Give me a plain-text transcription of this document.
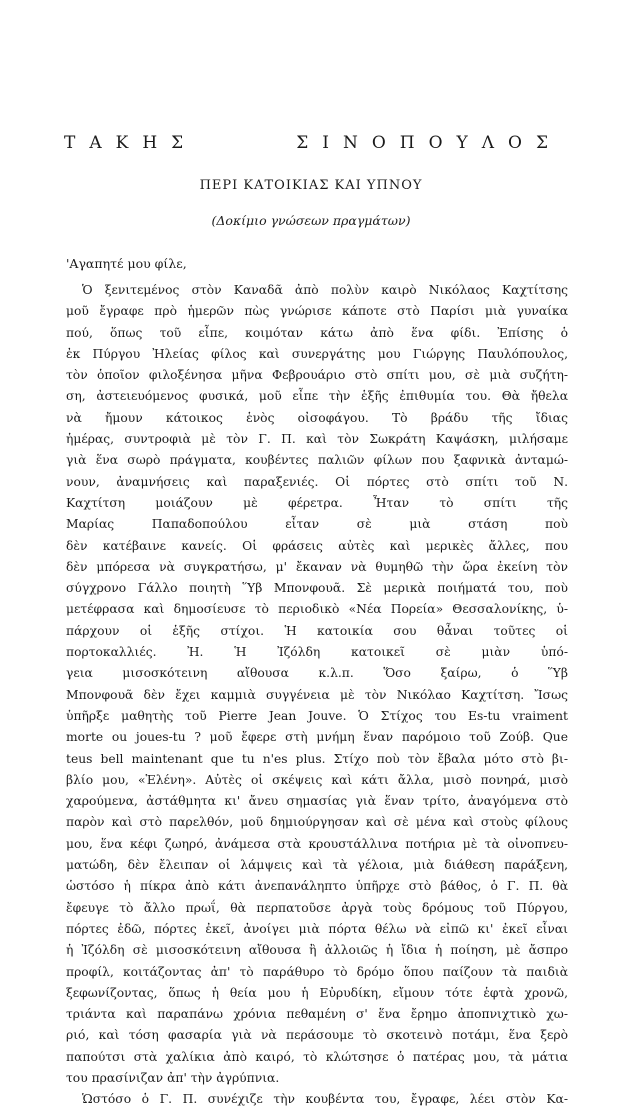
ΤΑΚΗΣ	ΣΙΝΟΠΟΥΛΟΣ
ΠΕΡΙ ΚΑΤΟΙΚΙΑΣ ΚΑΙ ΥΠΝΟΥ
(Δοκίμιο γνώσεων πραγμάτων)
'Αγαπητέ μου φίλε,
Ὁ ξενιτεμένος στὸν Καναδᾶ ἀπὸ πολὺν καιρὸ Νικόλαος Καχτίτσης
μοῦ ἔγραφε πρὸ ἡμερῶν πὼς γνώρισε κάποτε στὸ Παρίσι μιὰ γυναίκα
πού, ὅπως τοῦ εἶπε, κοιμόταν κάτω ἀπὸ ἕνα φίδι. Ἐπίσης ὁ
ἐκ Πύργου Ἠλείας φίλος καὶ συνεργάτης μου Γιώργης Παυλόπουλος,
τὸν ὁποῖον φιλοξένησα μῆνα Φεβρουάριο στὸ σπίτι μου, σὲ μιὰ συζήτη-
ση, ἀστειευόμενος φυσικά, μοῦ εἶπε τὴν ἑξῆς ἐπιθυμία του. Θὰ ἤθελα
νὰ ἤμουν κάτοικος ἑνὸς οἰσοφάγου. Τὸ βράδυ τῆς ἴδιας
ἡμέρας, συντροφιὰ μὲ τὸν Γ. Π. καὶ τὸν Σωκράτη Καψάσκη, μιλήσαμε
γιὰ ἕνα σωρὸ πράγματα, κουβέντες παλιῶν φίλων που ξαφνικὰ ἀνταμώ-
νουν, ἀναμνήσεις καὶ παραξενιές. Οἱ πόρτες στὸ σπίτι τοῦ Ν.
Καχτίτση μοιάζουν μὲ φέρετρα. Ἦταν τὸ σπίτι τῆς
Μαρίας Παπαδοπούλου εἶταν σὲ μιὰ στάση ποὺ
δὲν κατέβαινε κανείς. Οἱ φράσεις αὐτὲς καὶ μερικὲς ἄλλες, που
δὲν μπόρεσα νὰ συγκρατήσω, μ' ἔκαναν νὰ θυμηθῶ τὴν ὥρα ἐκείνη τὸν
σύγχρονο Γάλλο ποιητὴ Ὕβ Μπονφουᾶ. Σὲ μερικὰ ποιήματά του, ποὺ
μετέφρασα καὶ δημοσίευσε τὸ περιοδικὸ «Νέα Πορεία» Θεσσαλονίκης, ὑ-
πάρχουν οἱ ἑξῆς στίχοι. Ἡ κατοικία σου θἆναι τοῦτες οἱ
πορτοκαλλιές. Ἠ. Ἡ Ἰζόλδη κατοικεῖ σὲ μιὰν ὑπό-
γεια μισοσκότεινη αἴθουσα κ.λ.π. Ὅσο ξαίρω, ὁ Ὕβ
Μπονφουᾶ δὲν ἔχει καμμιὰ συγγένεια μὲ τὸν Νικόλαο Καχτίτση. Ἴσως
ὑπῆρξε μαθητὴς τοῦ Pierre Jean Jouve. Ὁ Στίχος του Es-tu vraiment
morte ou joues-tu ? μοῦ ἔφερε στὴ μνήμη ἕναν παρόμοιο τοῦ Ζούβ. Que
teus bell maintenant que tu n'es plus. Στίχο ποὺ τὸν ἔβαλα μότο στὸ βι-
βλίο μου, «Ἑλένη». Αὐτὲς οἱ σκέψεις καὶ κάτι ἄλλα, μισὸ πονηρά, μισὸ
χαρούμενα, ἀστάθμητα κι' ἄνευ σημασίας γιὰ ἕναν τρίτο, ἀναγόμενα στὸ
παρὸν καὶ στὸ παρελθόν, μοῦ δημιούργησαν καὶ σὲ μένα καὶ στοὺς φίλους
μου, ἕνα κέφι ζωηρό, ἀνάμεσα στὰ κρουστάλλινα ποτήρια μὲ τὰ οἰνοπνευ-
ματώδη, δὲν ἔλειπαν οἱ λάμψεις καὶ τὰ γέλοια, μιὰ διάθεση παράξενη,
ὡστόσο ἡ πίκρα ἀπὸ κάτι ἀνεπανάληπτο ὑπῆρχε στὸ βάθος, ὁ Γ. Π. θὰ
ἔφευγε τὸ ἄλλο πρωΐ, θὰ περπατοῦσε ἀργὰ τοὺς δρόμους τοῦ Πύργου,
πόρτες ἐδῶ, πόρτες ἐκεῖ, ἀνοίγει μιὰ πόρτα θέλω νὰ εἰπῶ κι' ἐκεῖ εἶναι
ἡ Ἰζόλδη σὲ μισοσκότεινη αἴθουσα ἢ ἀλλοιῶς ἡ ἴδια ἡ ποίηση, μὲ ἄσπρο
προφίλ, κοιτάζοντας ἀπ' τὸ παράθυρο τὸ δρόμο ὅπου παίζουν τὰ παιδιὰ
ξεφωνίζοντας, ὅπως ἡ θεία μου ἡ Εὐρυδίκη, εἴμουν τότε ἑφτὰ χρονῶ,
τριάντα καὶ παραπάνω χρόνια πεθαμένη σ' ἕνα ἔρημο ἀποπνιχτικὸ χω-
ριό, καὶ τόση φασαρία γιὰ νὰ περάσουμε τὸ σκοτεινὸ ποτάμι, ἕνα ξερὸ
παπούτσι στὰ χαλίκια ἀπὸ καιρό, τὸ κλώτσησε ὁ πατέρας μου, τὰ μάτια
του πρασίνιζαν ἀπ' τὴν ἀγρύπνια.
Ὡστόσο ὁ Γ. Π. συνέχιζε τὴν κουβέντα του, ἔγραφε, λέει στὸν Κα-
